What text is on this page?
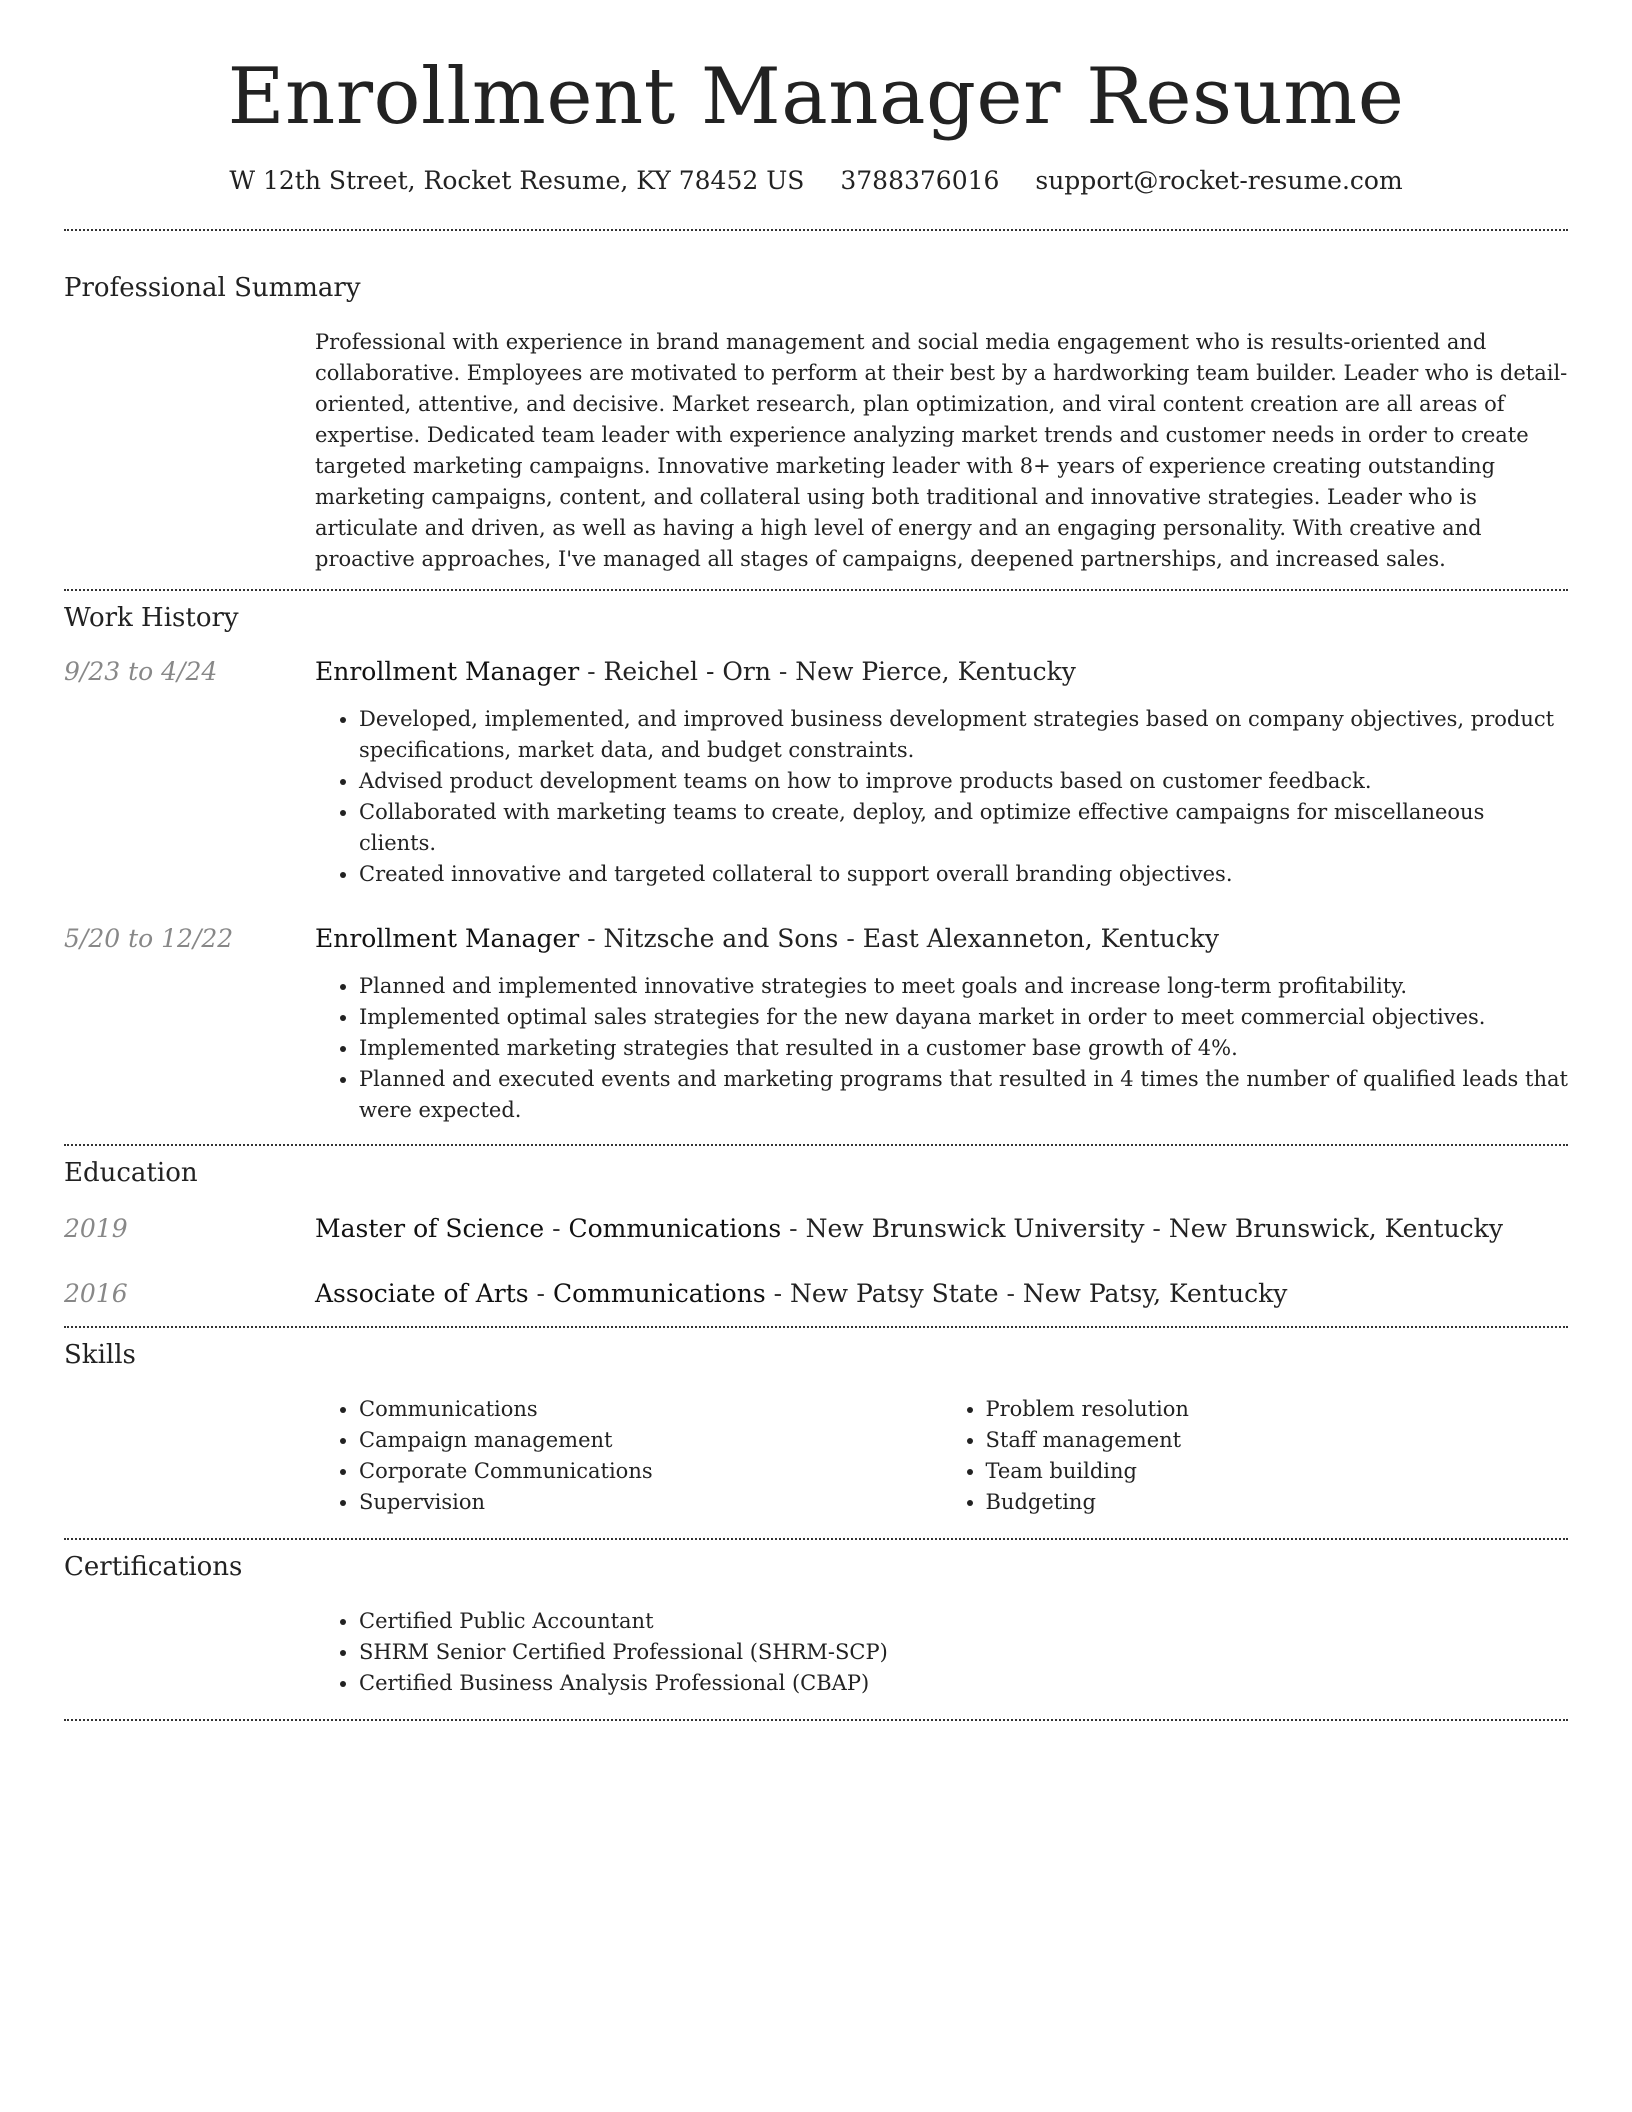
Enrollment Manager Resume
W 12th Street, Rocket Resume, KY 78452 US 3788376016 support@rocket-resume.com
Professional Summary

Professional with experience in brand management and social media engagement who is results-oriented and collaborative. Employees are motivated to perform at their best by a hardworking team builder. Leader who is detail-oriented, attentive, and decisive. Market research, plan optimization, and viral content creation are all areas of expertise. Dedicated team leader with experience analyzing market trends and customer needs in order to create targeted marketing campaigns. Innovative marketing leader with 8+ years of experience creating outstanding marketing campaigns, content, and collateral using both traditional and innovative strategies. Leader who is articulate and driven, as well as having a high level of energy and an engaging personality. With creative and proactive approaches, I've managed all stages of campaigns, deepened partnerships, and increased sales.

Work History
9/23 to 4/24	Enrollment Manager - Reichel - Orn - New Pierce, Kentucky
• Developed, implemented, and improved business development strategies based on company objectives, product specifications, market data, and budget constraints.
• Advised product development teams on how to improve products based on customer feedback.
• Collaborated with marketing teams to create, deploy, and optimize effective campaigns for miscellaneous clients.
• Created innovative and targeted collateral to support overall branding objectives.
5/20 to 12/22	Enrollment Manager - Nitzsche and Sons - East Alexanneton, Kentucky
• Planned and implemented innovative strategies to meet goals and increase long-term profitability.
• Implemented optimal sales strategies for the new dayana market in order to meet commercial objectives.
• Implemented marketing strategies that resulted in a customer base growth of 4%.
• Planned and executed events and marketing programs that resulted in 4 times the number of qualified leads that were expected.
Education
2019	Master of Science - Communications - New Brunswick University - New Brunswick, Kentucky
2016	Associate of Arts - Communications - New Patsy State - New Patsy, Kentucky
Skills
• Communications
• Campaign management
• Corporate Communications
• Supervision
• Problem resolution
• Staff management
• Team building
• Budgeting
Certifications
• Certified Public Accountant
• SHRM Senior Certified Professional (SHRM-SCP)
• Certified Business Analysis Professional (CBAP)
